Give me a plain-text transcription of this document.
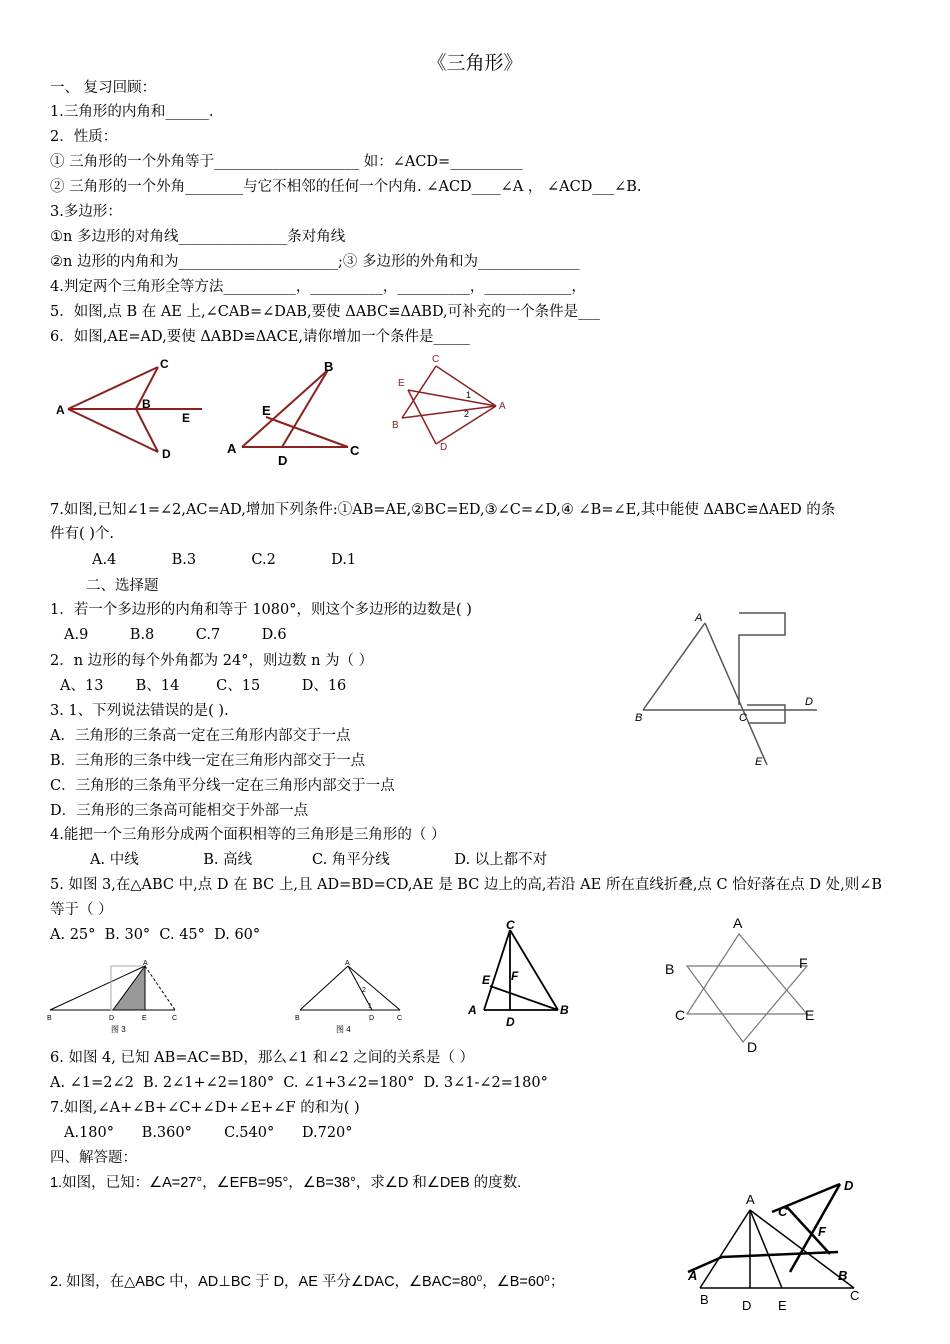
《三角形》
一、 复习回顾：
1.三角形的内角和______.
2．性质：
① 三角形的一个外角等于____________________ 如：∠ACD=__________
② 三角形的一个外角________与它不相邻的任何一个内角. ∠ACD____∠A ， ∠ACD___∠B.
3.多边形：
①n 多边形的对角线_______________条对角线
②n 边形的内角和为______________________;③ 多边形的外角和为______________
4.判定两个三角形全等方法__________，__________，__________，____________，
5．如图,点 B 在 AE 上,∠CAB=∠DAB,要使 ΔABC≌ΔABD,可补充的一个条件是___
6．如图,AE=AD,要使 ΔABD≌ΔACE,请你增加一个条件是_____
A
C
B
E
D
B
E
A
D
C
C
E
B
D
A
1
2
7.如图,已知∠1=∠2,AC=AD,增加下列条件:①AB=AE,②BC=ED,③∠C=∠D,④ ∠B=∠E,其中能使 ΔABC≌ΔAED 的条
件有( )个.
A.4            B.3            C.2            D.1
二、选择题
1．若一个多边形的内角和等于 1080°，则这个多边形的边数是( )
A.9         B.8         C.7         D.6
2．n 边形的每个外角都为 24°，则边数 n 为（ ）
A、13       B、14        C、15         D、16
3. 1、下列说法错误的是( ).
A．三角形的三条高一定在三角形内部交于一点
B．三角形的三条中线一定在三角形内部交于一点
C．三角形的三条角平分线一定在三角形内部交于一点
D．三角形的三条高可能相交于外部一点
4.能把一个三角形分成两个面积相等的三角形是三角形的（ ）
A. 中线              B. 高线             C. 角平分线              D. 以上都不对
A
B	C
D
E
5. 如图 3,在△ABC 中,点 D 在 BC 上,且 AD=BD=CD,AE 是 BC 边上的高,若沿 AE 所在直线折叠,点 C 恰好落在点 D 处,则∠B
等于（ ）
A. 25°  B. 30°  C. 45°  D. 60°
B	D	E	C
A
图 3
B	D	C
A
2
1
图 4
C
E F
A
D
B
A
B	F
C	E
D
6. 如图 4, 已知 AB=AC=BD，那么∠1 和∠2 之间的关系是（ ）
A. ∠1=2∠2  B. 2∠1+∠2=180°  C. ∠1+3∠2=180°  D. 3∠1-∠2=180°
7.如图,∠A+∠B+∠C+∠D+∠E+∠F 的和为( )
A.180°      B.360°       C.540°      D.720°
四、解答题：
1.如图，已知：∠A=27°，∠EFB=95°，∠B=38°，求∠D 和∠DEB 的度数.
C
D
F
A	B
A
B	D E
C
2. 如图，在△ABC 中，AD⊥BC 于 D，AE 平分∠DAC，∠BAC=80⁰，∠B=60⁰；
